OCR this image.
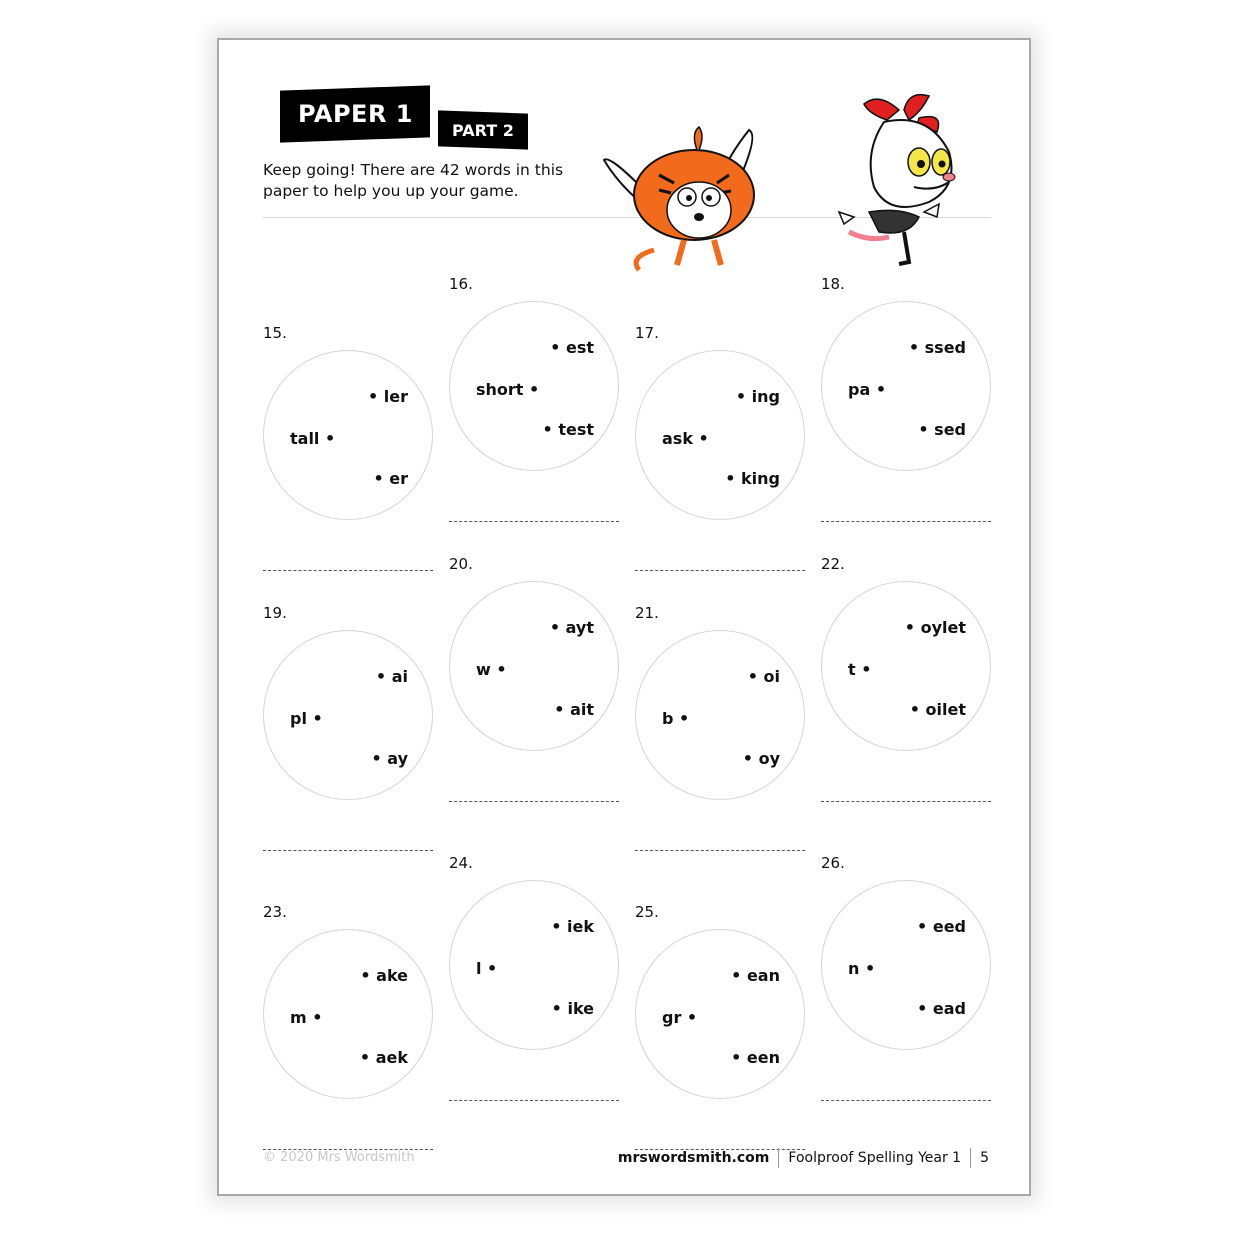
PAPER 1
PART 2
Keep going! There are 42 words in this paper to help you up your game.
15.
tall •
• ler
• er
16.
short •
• est
• test
17.
ask •
• ing
• king
18.
pa •
• ssed
• sed
19.
pl •
• ai
• ay
20.
w •
• ayt
• ait
21.
b •
• oi
• oy
22.
t •
• oylet
• oilet
23.
m •
• ake
• aek
24.
l •
• iek
• ike
25.
gr •
• ean
• een
26.
n •
• eed
• ead
© 2020 Mrs Wordsmith	mrswordsmith.com Foolproof Spelling Year 1 5
